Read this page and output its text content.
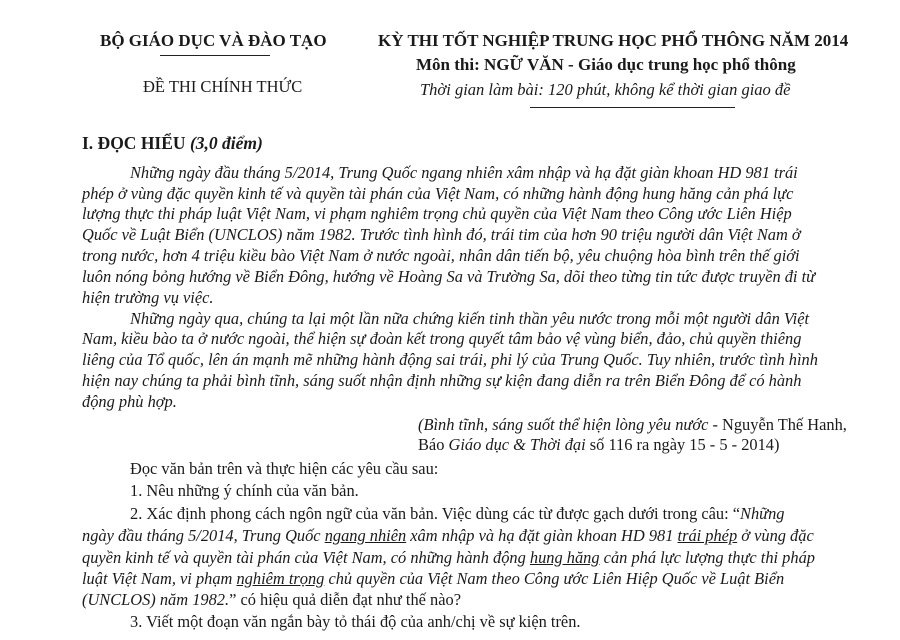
BỘ GIÁO DỤC VÀ ĐÀO TẠO
ĐỀ THI CHÍNH THỨC
KỲ THI TỐT NGHIỆP TRUNG HỌC PHỔ THÔNG NĂM 2014
Môn thi: NGỮ VĂN - Giáo dục trung học phổ thông
Thời gian làm bài: 120 phút, không kể thời gian giao đề
I. ĐỌC HIỂU (3,0 điểm)
Những ngày đầu tháng 5/2014, Trung Quốc ngang nhiên xâm nhập và hạ đặt giàn khoan HD 981 trái
phép ở vùng đặc quyền kinh tế và quyền tài phán của Việt Nam, có những hành động hung hăng cản phá lực
lượng thực thi pháp luật Việt Nam, vi phạm nghiêm trọng chủ quyền của Việt Nam theo Công ước Liên Hiệp
Quốc về Luật Biển (UNCLOS) năm 1982. Trước tình hình đó, trái tim của hơn 90 triệu người dân Việt Nam ở
trong nước, hơn 4 triệu kiều bào Việt Nam ở nước ngoài, nhân dân tiến bộ, yêu chuộng hòa bình trên thế giới
luôn nóng bỏng hướng về Biển Đông, hướng về Hoàng Sa và Trường Sa, dõi theo từng tin tức được truyền đi từ
hiện trường vụ việc.
Những ngày qua, chúng ta lại một lần nữa chứng kiến tinh thần yêu nước trong mỗi một người dân Việt
Nam, kiều bào ta ở nước ngoài, thể hiện sự đoàn kết trong quyết tâm bảo vệ vùng biển, đảo, chủ quyền thiêng
liêng của Tổ quốc, lên án mạnh mẽ những hành động sai trái, phi lý của Trung Quốc. Tuy nhiên, trước tình hình
hiện nay chúng ta phải bình tĩnh, sáng suốt nhận định những sự kiện đang diễn ra trên Biển Đông để có hành
động phù hợp.
(Bình tĩnh, sáng suốt thể hiện lòng yêu nước - Nguyễn Thế Hanh,
Báo Giáo dục & Thời đại số 116 ra ngày 15 - 5 - 2014)
Đọc văn bản trên và thực hiện các yêu cầu sau:
1. Nêu những ý chính của văn bản.
2. Xác định phong cách ngôn ngữ của văn bản. Việc dùng các từ được gạch dưới trong câu: “Những
ngày đầu tháng 5/2014, Trung Quốc ngang nhiên xâm nhập và hạ đặt giàn khoan HD 981 trái phép ở vùng đặc
quyền kinh tế và quyền tài phán của Việt Nam, có những hành động hung hăng cản phá lực lượng thực thi pháp
luật Việt Nam, vi phạm nghiêm trọng chủ quyền của Việt Nam theo Công ước Liên Hiệp Quốc về Luật Biển
(UNCLOS) năm 1982.” có hiệu quả diễn đạt như thế nào?
3. Viết một đoạn văn ngắn bày tỏ thái độ của anh/chị về sự kiện trên.
